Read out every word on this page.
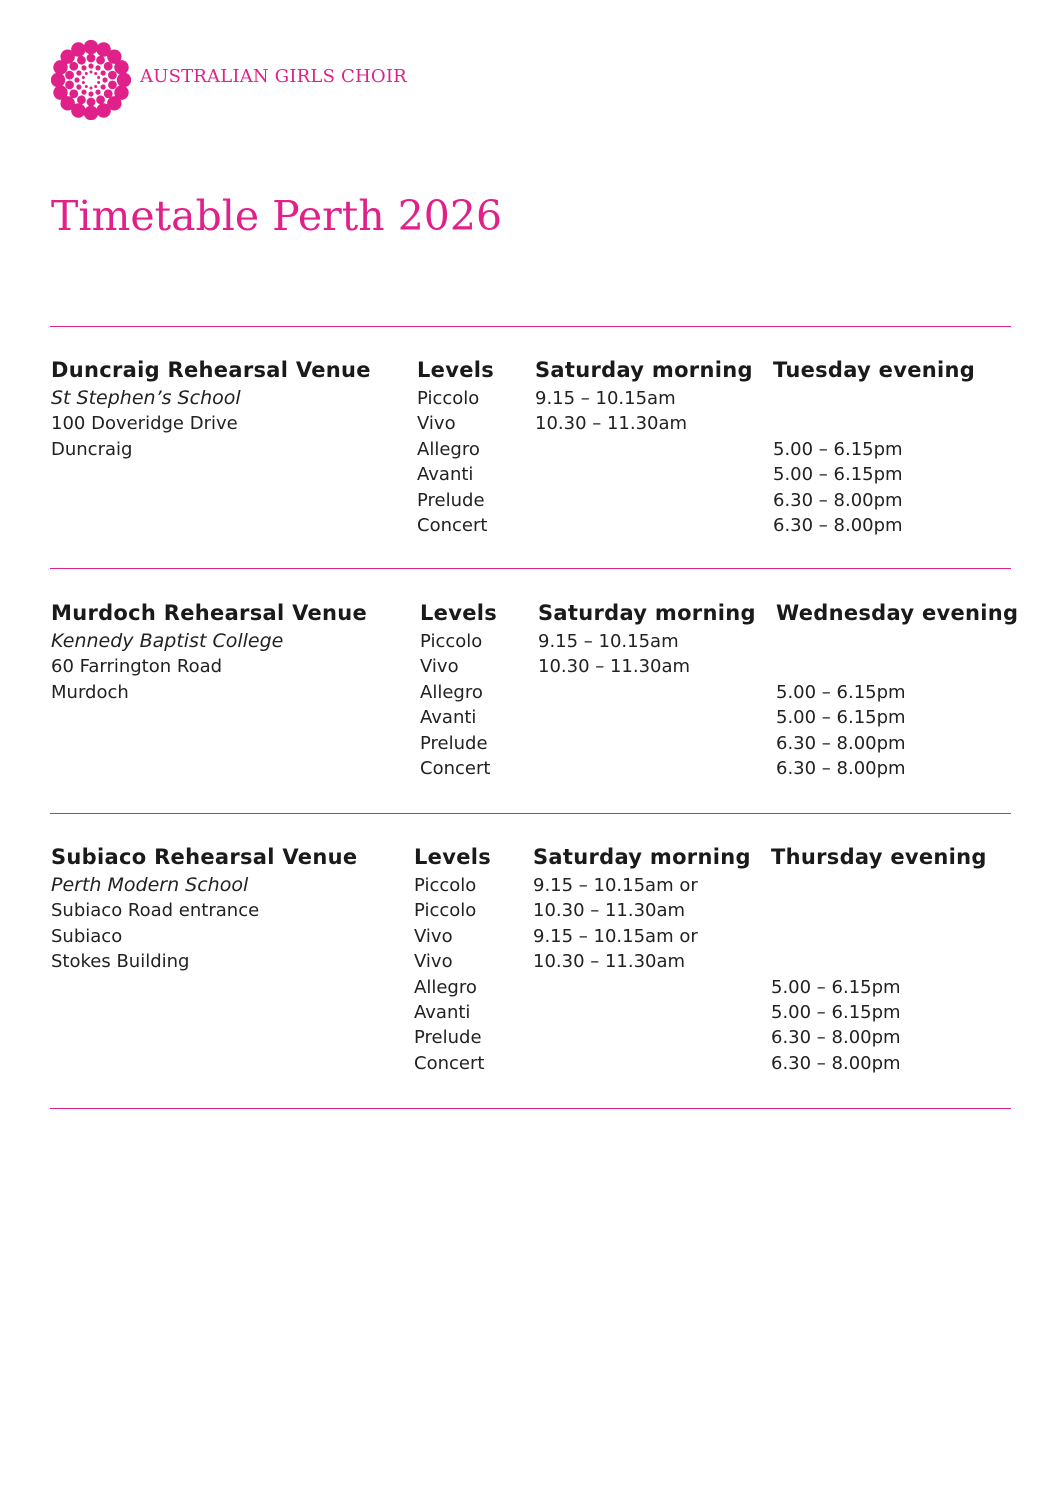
AUSTRALIAN GIRLS CHOIR
Timetable Perth 2026
Duncraig Rehearsal Venue
St Stephen’s School
100 Doveridge Drive
Duncraig
Levels
Piccolo
Vivo
Allegro
Avanti
Prelude
Concert
Saturday morning
9.15 – 10.15am
10.30 – 11.30am
Tuesday evening
5.00 – 6.15pm
5.00 – 6.15pm
6.30 – 8.00pm
6.30 – 8.00pm
Murdoch Rehearsal Venue
Kennedy Baptist College
60 Farrington Road
Murdoch
Levels
Piccolo
Vivo
Allegro
Avanti
Prelude
Concert
Saturday morning
9.15 – 10.15am
10.30 – 11.30am
Wednesday evening
5.00 – 6.15pm
5.00 – 6.15pm
6.30 – 8.00pm
6.30 – 8.00pm
Subiaco Rehearsal Venue
Perth Modern School
Subiaco Road entrance
Subiaco
Stokes Building
Levels
Piccolo
Piccolo
Vivo
Vivo
Allegro
Avanti
Prelude
Concert
Saturday morning
9.15 – 10.15am or
10.30 – 11.30am
9.15 – 10.15am or
10.30 – 11.30am
Thursday evening
5.00 – 6.15pm
5.00 – 6.15pm
6.30 – 8.00pm
6.30 – 8.00pm
